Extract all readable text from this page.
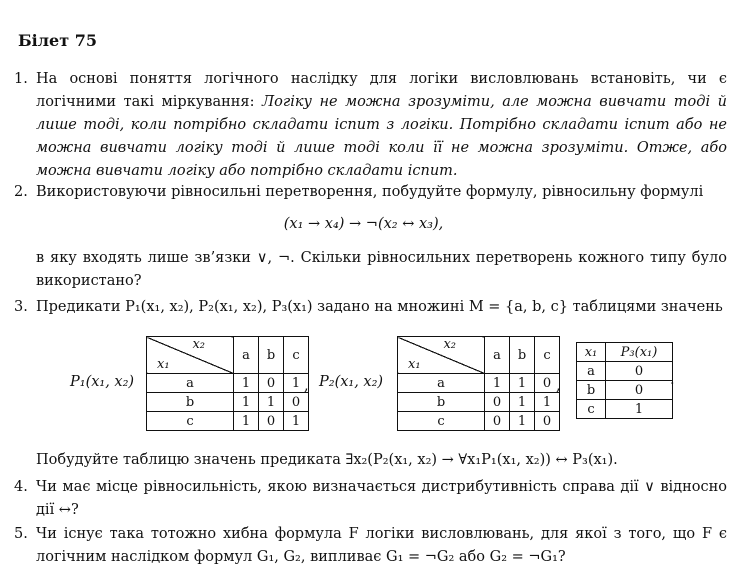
Білет 75
1. На основі поняття логічного наслідку для логіки висловлювань встановіть, чи є логічними такі міркування: Логіку не можна зрозуміти, але можна вивчати тоді й лише тоді, коли потрібно складати іспит з логіки. Потрібно складати іспит або не можна вивчати логіку тоді й лише тоді коли її не можна зрозуміти. Отже, або можна вивчати логіку або потрібно складати іспит.
2. Використовуючи рівносильні перетворення, побудуйте формулу, рівносильну формулі
(x₁ → x₄) → ¬(x₂ ↔ x₃),
в яку входять лише зв’язки ∨, ¬. Скільки рівносильних перетворень кожного типу було використано?
3. Предикати P₁(x₁, x₂), P₂(x₁, x₂), P₃(x₁) задано на множині M = {a, b, c} таблицями значень
P₁(x₁, x₂)
x₂
x₁	a	b	c
a	1	0	1
b	1	1	0
c	1	0	1
, P₂(x₁, x₂)
x₂
x₁	a	b	c
a	1	1	0
b	0	1	1
c	0	1	0
,
x₁	P₃(x₁)
a	0
b	0
c	1
.
Побудуйте таблицю значень предиката ∃x₂(P₂(x₁, x₂) → ∀x₁P₁(x₁, x₂)) ↔ P₃(x₁).
4. Чи має місце рівносильність, якою визначається дистрибутивність справа дії ∨ відносно дії ↔?
5. Чи існує така тотожно хибна формула F логіки висловлювань, для якої з того, що F є логічним наслідком формул G₁, G₂, випливає G₁ = ¬G₂ або G₂ = ¬G₁?
